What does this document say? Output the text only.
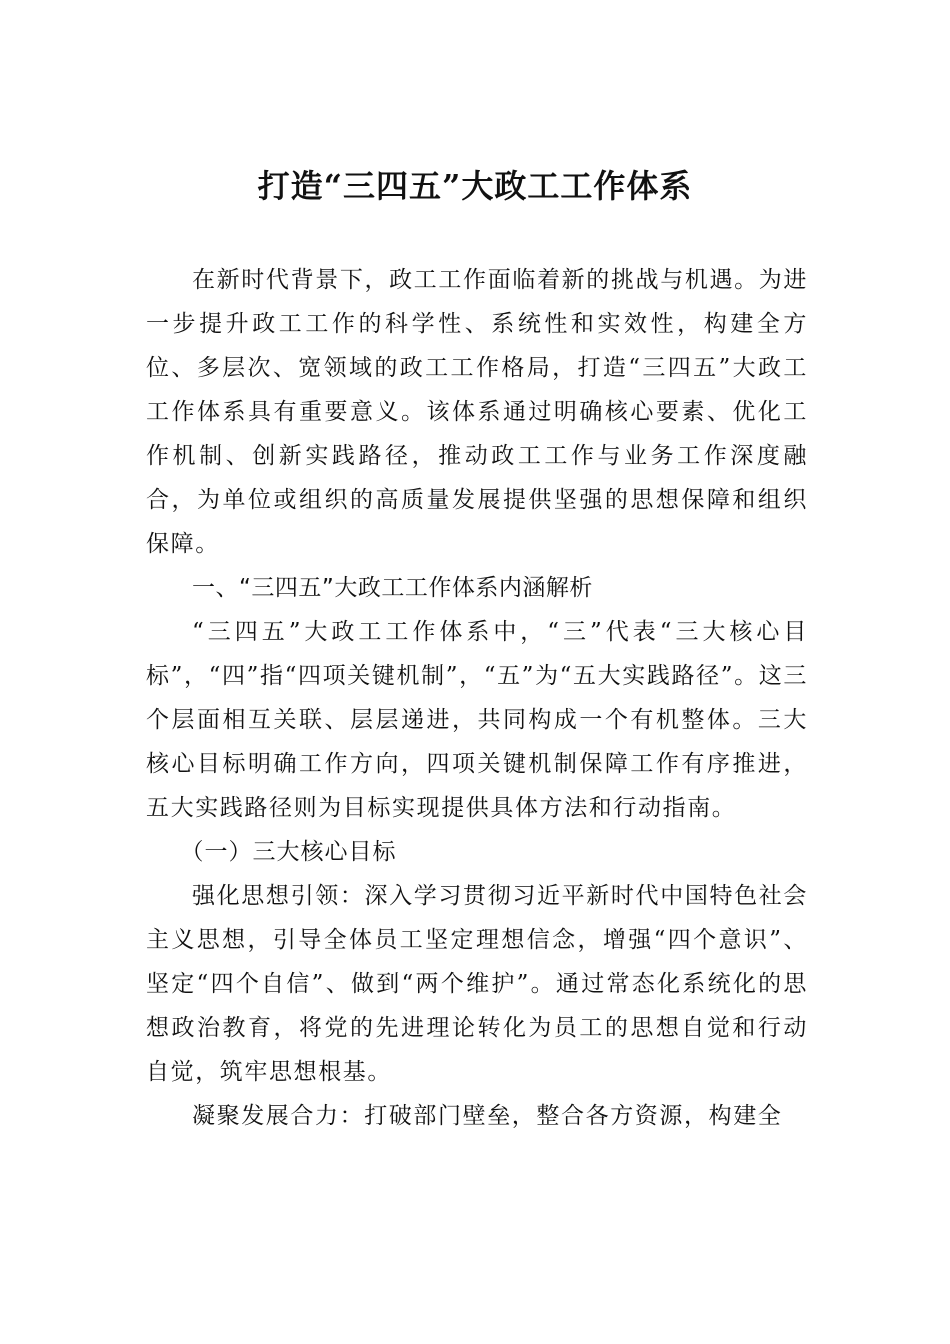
打造“三四五”大政工工作体系

在新时代背景下，政工工作面临着新的挑战与机遇。为进一步提升政工工作的科学性、系统性和实效性，构建全方位、多层次、宽领域的政工工作格局，打造“三四五”大政工工作体系具有重要意义。该体系通过明确核心要素、优化工作机制、创新实践路径，推动政工工作与业务工作深度融合，为单位或组织的高质量发展提供坚强的思想保障和组织保障。

一、“三四五”大政工工作体系内涵解析

“三四五”大政工工作体系中，“三”代表“三大核心目标”，“四”指“四项关键机制”，“五”为“五大实践路径”。这三个层面相互关联、层层递进，共同构成一个有机整体。三大核心目标明确工作方向，四项关键机制保障工作有序推进，五大实践路径则为目标实现提供具体方法和行动指南。

（一）三大核心目标

强化思想引领：深入学习贯彻习近平新时代中国特色社会主义思想，引导全体员工坚定理想信念，增强“四个意识”、坚定“四个自信”、做到“两个维护”。通过常态化系统化的思想政治教育，将党的先进理论转化为员工的思想自觉和行动自觉，筑牢思想根基。

凝聚发展合力：打破部门壁垒，整合各方资源，构建全
